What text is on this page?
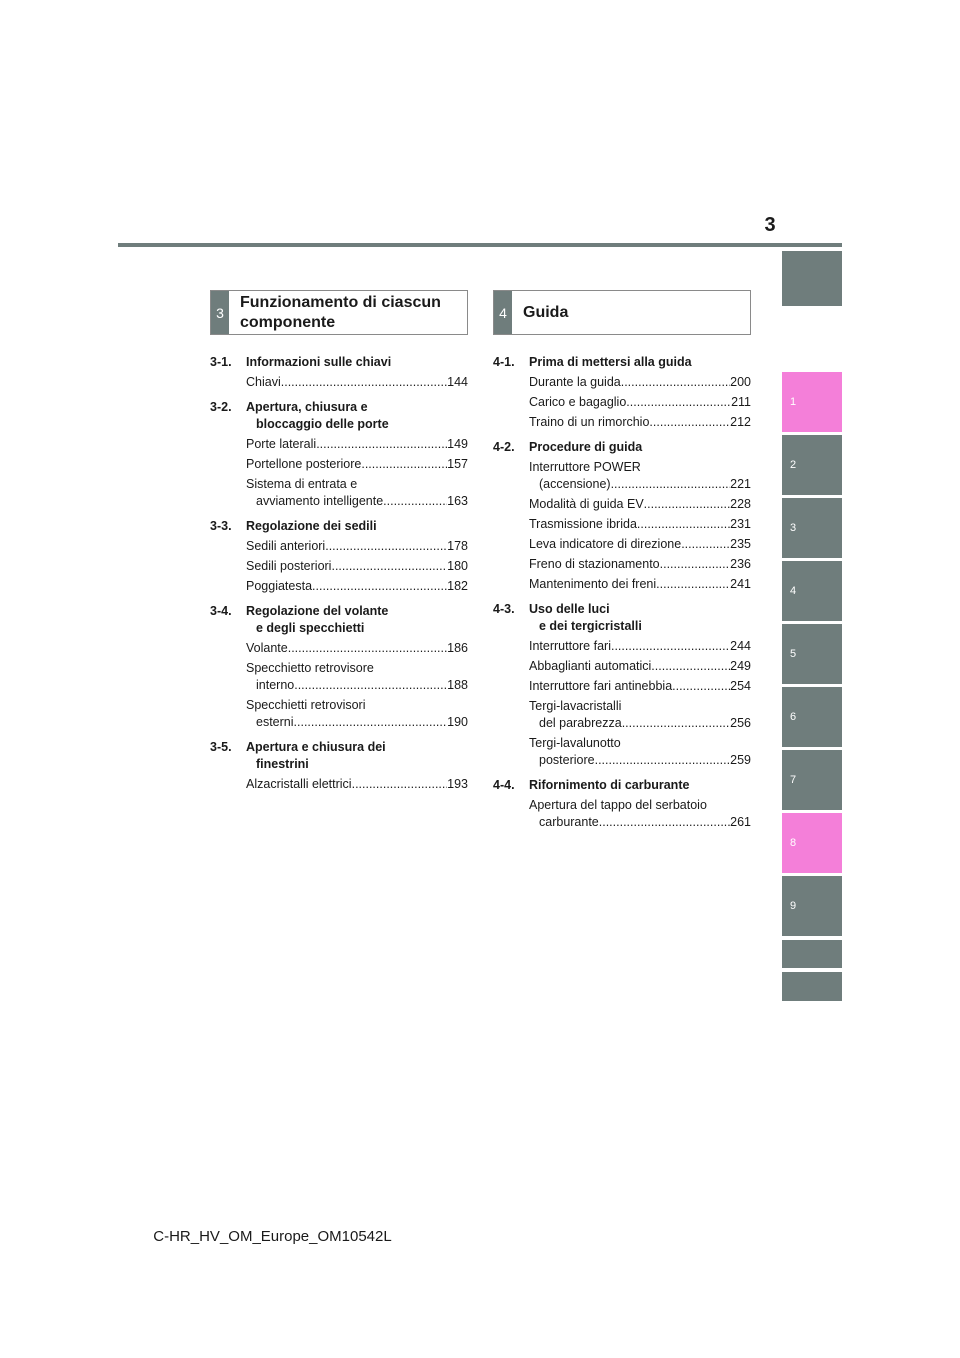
3
1
2
3
4
5
6
7
8
9
3
Funzionamento di ciascun
componente
3-1.	Informazioni sulle chiavi
Chiavi .....	144
3-2.	Apertura, chiusura e
bloccaggio delle porte
Porte laterali .....	149
Portellone posteriore .....	157
Sistema di entrata e
avviamento intelligente .....	163
3-3.	Regolazione dei sedili
Sedili anteriori .....	178
Sedili posteriori .....	180
Poggiatesta .....	182
3-4.	Regolazione del volante
e degli specchietti
Volante .....	186
Specchietto retrovisore
interno .....	188
Specchietti retrovisori
esterni .....	190
3-5.	Apertura e chiusura dei
finestrini
Alzacristalli elettrici .....	193
4	Guida
4-1.	Prima di mettersi alla guida
Durante la guida .....	200
Carico e bagaglio .....	211
Traino di un rimorchio .....	212
4-2.	Procedure di guida
Interruttore POWER
(accensione) .....	221
Modalità di guida EV .....	228
Trasmissione ibrida .....	231
Leva indicatore di direzione .....	235
Freno di stazionamento .....	236
Mantenimento dei freni .....	241
4-3.	Uso delle luci
e dei tergicristalli
Interruttore fari .....	244
Abbaglianti automatici .....	249
Interruttore fari antinebbia .....	254
Tergi-lavacristalli
del parabrezza .....	256
Tergi-lavalunotto
posteriore .....	259
4-4.	Rifornimento di carburante
Apertura del tappo del serbatoio
carburante .....	261
C-HR_HV_OM_Europe_OM10542L
